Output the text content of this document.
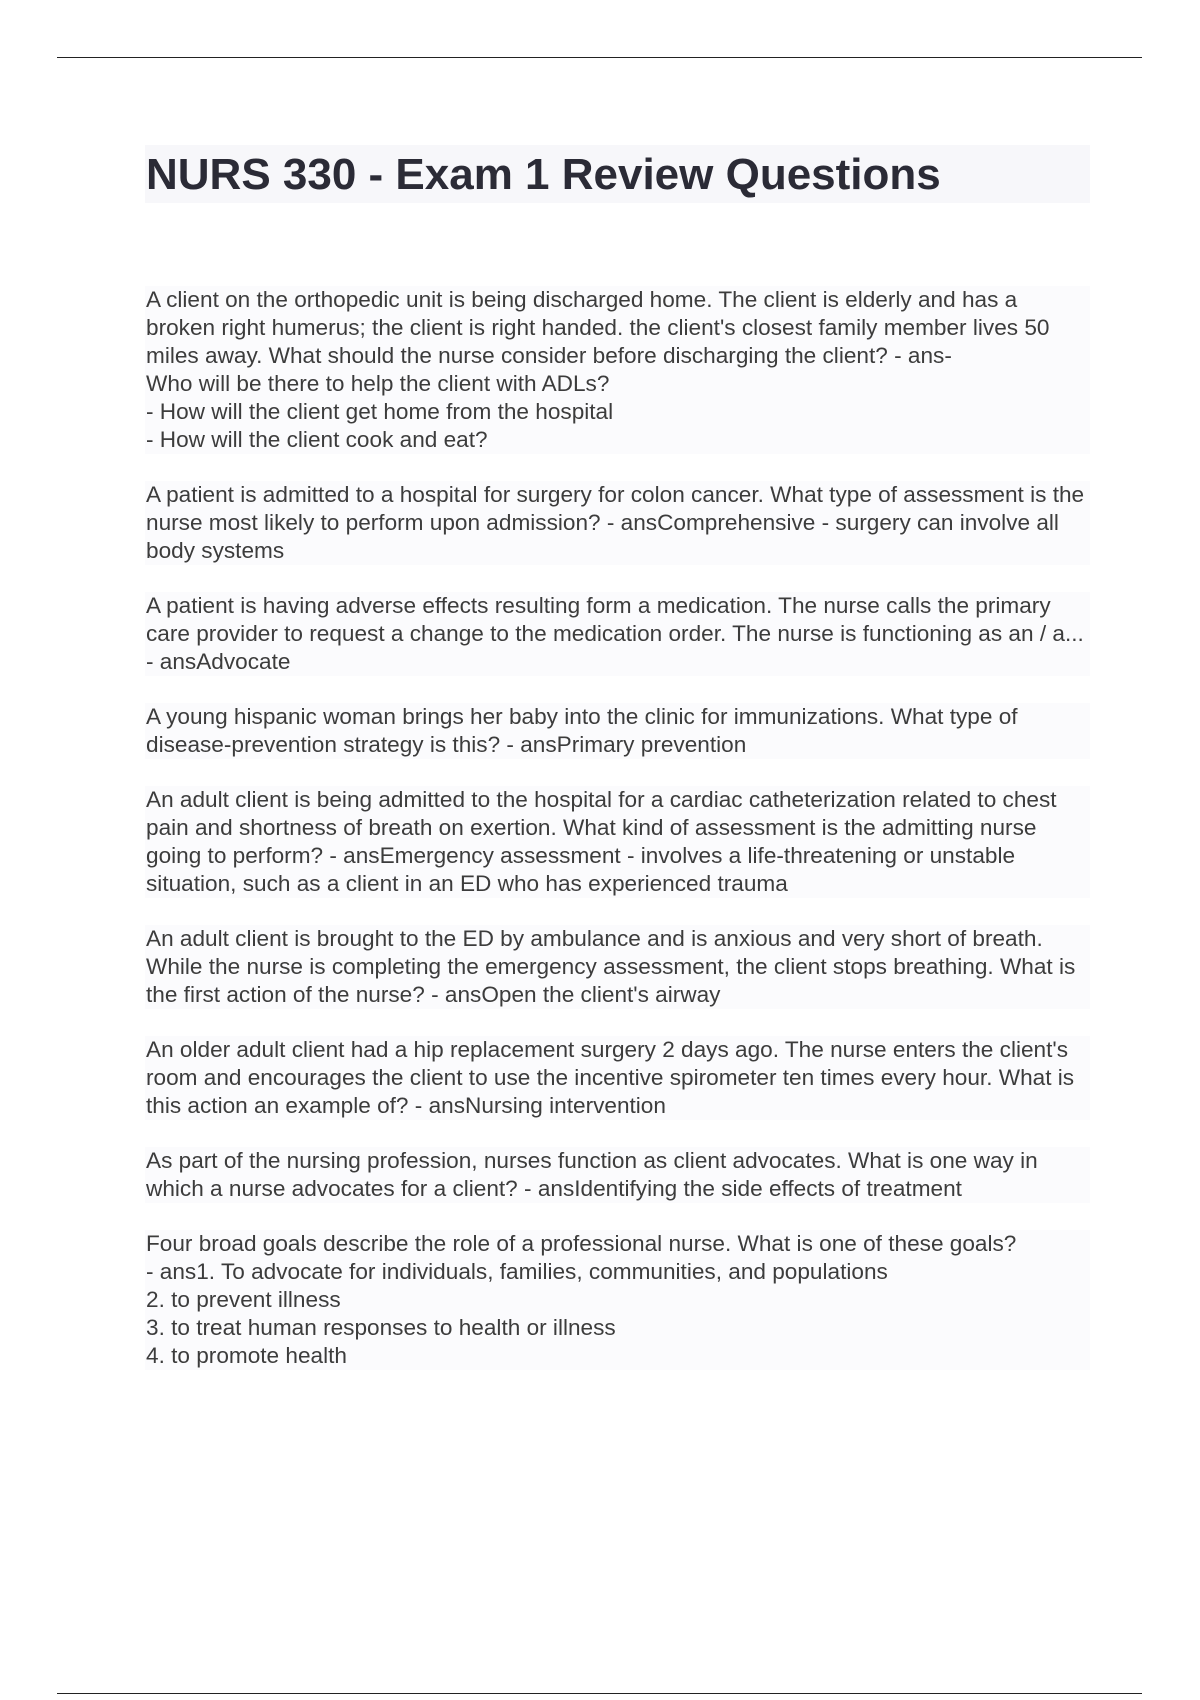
NURS 330 - Exam 1 Review Questions

A client on the orthopedic unit is being discharged home. The client is elderly and has a broken right humerus; the client is right handed. the client's closest family member lives 50 miles away. What should the nurse consider before discharging the client? - ans-
Who will be there to help the client with ADLs?
- How will the client get home from the hospital
- How will the client cook and eat?

A patient is admitted to a hospital for surgery for colon cancer. What type of assessment is the nurse most likely to perform upon admission? - ansComprehensive - surgery can involve all body systems

A patient is having adverse effects resulting form a medication. The nurse calls the primary care provider to request a change to the medication order. The nurse is functioning as an / a... - ansAdvocate

A young hispanic woman brings her baby into the clinic for immunizations. What type of disease-prevention strategy is this? - ansPrimary prevention

An adult client is being admitted to the hospital for a cardiac catheterization related to chest pain and shortness of breath on exertion. What kind of assessment is the admitting nurse going to perform? - ansEmergency assessment - involves a life-threatening or unstable situation, such as a client in an ED who has experienced trauma

An adult client is brought to the ED by ambulance and is anxious and very short of breath. While the nurse is completing the emergency assessment, the client stops breathing. What is the first action of the nurse? - ansOpen the client's airway

An older adult client had a hip replacement surgery 2 days ago. The nurse enters the client's room and encourages the client to use the incentive spirometer ten times every hour. What is this action an example of? - ansNursing intervention

As part of the nursing profession, nurses function as client advocates. What is one way in which a nurse advocates for a client? - ansIdentifying the side effects of treatment

Four broad goals describe the role of a professional nurse. What is one of these goals?
- ans1. To advocate for individuals, families, communities, and populations
2. to prevent illness
3. to treat human responses to health or illness
4. to promote health
